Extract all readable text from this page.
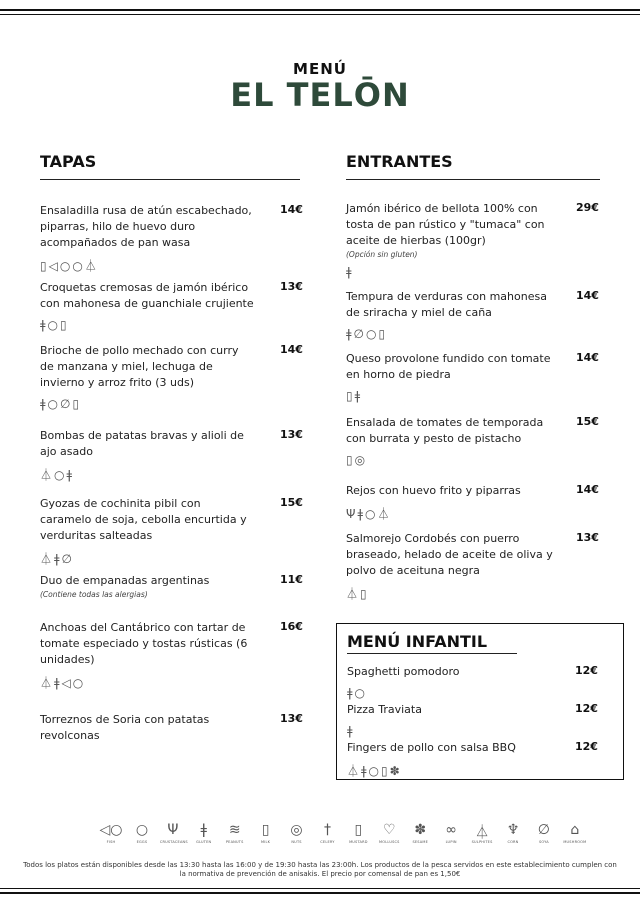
MENÚ
EL TELŌN
TAPAS
Ensaladilla rusa de atún escabechado, piparras, hilo de huevo duro acompañados de pan wasa
14€
▯◁○○⏃
Croquetas cremosas de jamón ibérico con mahonesa de guanchiale crujiente
13€
ǂ○▯
Brioche de pollo mechado con curry de manzana y miel, lechuga de invierno y arroz frito (3 uds)
14€
ǂ○∅▯
Bombas de patatas bravas y alioli de ajo asado
13€
⏃○ǂ
Gyozas de cochinita pibil con caramelo de soja, cebolla encurtida y verduritas salteadas
15€
⏃ǂ∅
Duo de empanadas argentinas	11€
(Contiene todas las alergias)
Anchoas del Cantábrico con tartar de tomate especiado y tostas rústicas (6 unidades)
16€
⏃ǂ◁○
Torreznos de Soria con patatas revolconas
13€
ENTRANTES
Jamón ibérico de bellota 100% con tosta de pan rústico y "tumaca" con aceite de hierbas (100gr)
29€
(Opción sin gluten)
ǂ
Tempura de verduras con mahonesa de sriracha y miel de caña
14€
ǂ∅○▯
Queso provolone fundido con tomate en horno de piedra
14€
▯ǂ
Ensalada de tomates de temporada con burrata y pesto de pistacho
15€
▯◎
Rejos con huevo frito y piparras	14€
Ψǂ○⏃
Salmorejo Cordobés con puerro braseado, helado de aceite de oliva y polvo de aceituna negra
13€
⏃▯
MENÚ INFANTIL
Spaghetti pomodoro	12€
ǂ○
Pizza Traviata	12€
ǂ
Fingers de pollo con salsa BBQ	12€
⏃ǂ○▯✽
◁○
FISH
○
EGGS
Ψ
CRUSTACEANS
ǂ
GLUTEN
≋
PEANUTS
▯
MILK
◎
NUTS
†
CELERY
▯
MUSTARD
♡
MOLLUSCS
✽
SESAME
∞
LUPIN
⏃
SULPHITES
♆
CORN
∅
SOYA
⌂
MUSHROOM
Todos los platos están disponibles desde las 13:30 hasta las 16:00 y de 19:30 hasta las 23:00h. Los productos de la pesca servidos en este establecimiento cumplen con la normativa de prevención de anisakis. El precio por comensal de pan es 1,50€
